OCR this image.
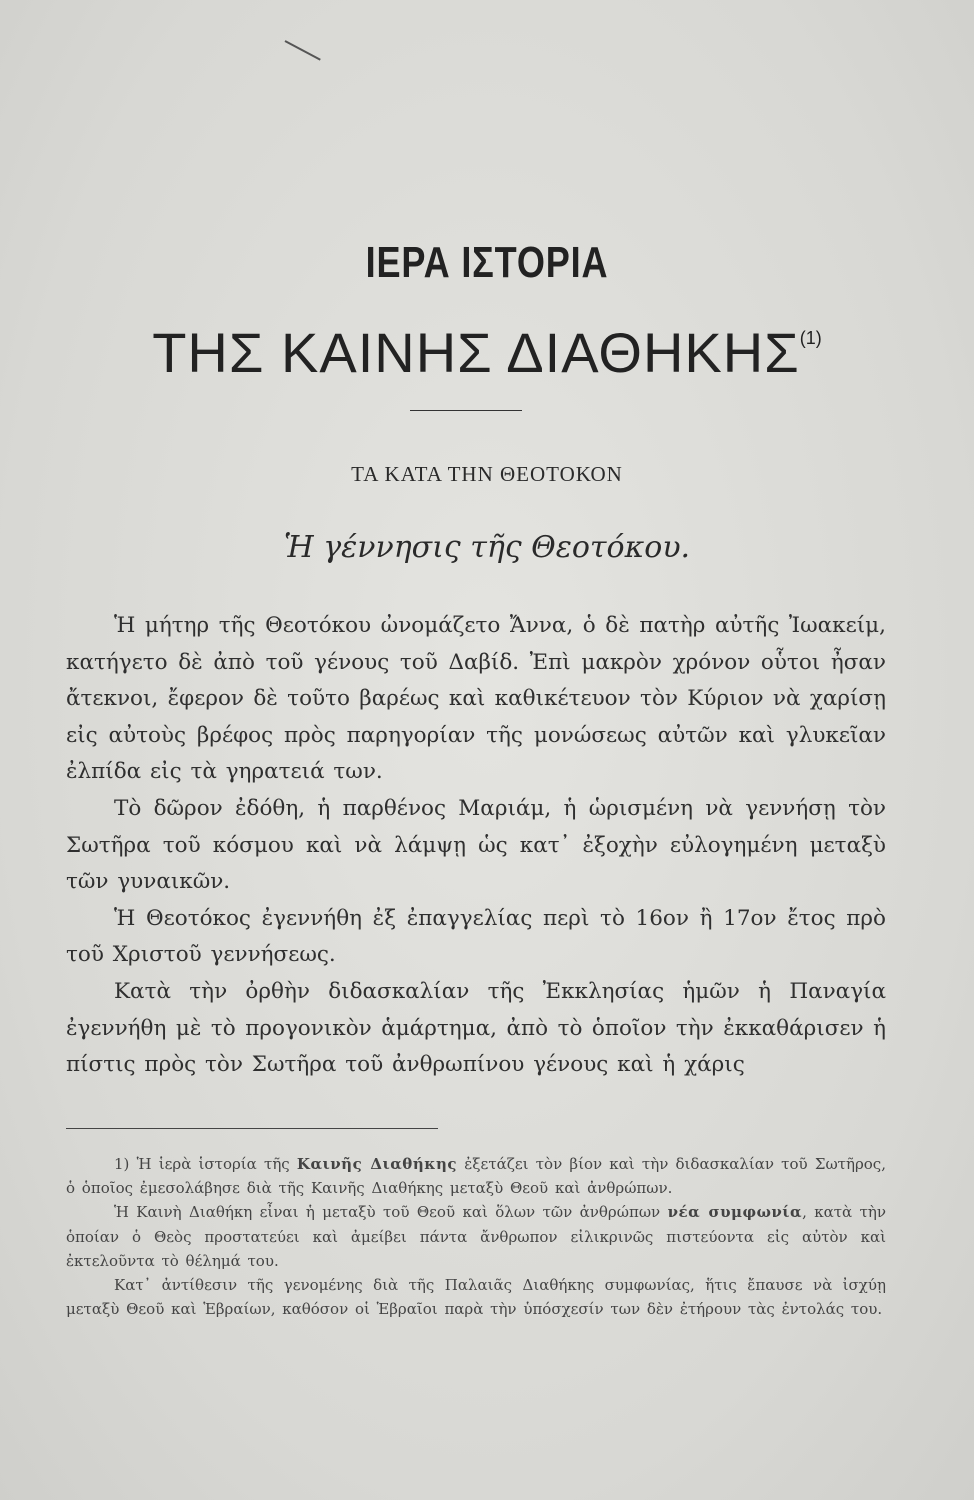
ΙΕΡΑ ΙΣΤΟΡΙΑ
ΤΗΣ ΚΑΙΝΗΣ ΔΙΑΘΗΚΗΣ$^{(1)}$
ΤΑ ΚΑΤΑ ΤΗΝ ΘΕΟΤΟΚΟΝ
Ἡ γέννησις τῆς Θεοτόκου.

Ἡ μήτηρ τῆς Θεοτόκου ὠνομάζετο Ἄννα, ὁ δὲ πατὴρ αὐτῆς Ἰωακείμ, κατήγετο δὲ ἀπὸ τοῦ γένους τοῦ Δαβίδ. Ἐπὶ μακρὸν χρόνον οὗτοι ἦσαν ἄτεκνοι, ἔφερον δὲ τοῦτο βαρέως καὶ καθικέτευον τὸν Κύριον νὰ χαρίσῃ εἰς αὐτοὺς βρέφος πρὸς παρηγορίαν τῆς μονώσεως αὐτῶν καὶ γλυκεῖαν ἐλπίδα εἰς τὰ γηρατειά των.

Τὸ δῶρον ἐδόθη, ἡ παρθένος Μαριάμ, ἡ ὡρισμένη νὰ γεννήσῃ τὸν Σωτῆρα τοῦ κόσμου καὶ νὰ λάμψῃ ὡς κατ᾿ ἐξοχὴν εὐλογημένη μεταξὺ τῶν γυναικῶν.

Ἡ Θεοτόκος ἐγεννήθη ἐξ ἐπαγγελίας περὶ τὸ 16ον ἢ 17ον ἔτος πρὸ τοῦ Χριστοῦ γεννήσεως.

Κατὰ τὴν ὀρθὴν διδασκαλίαν τῆς Ἐκκλησίας ἡμῶν ἡ Παναγία ἐγεννήθη μὲ τὸ προγονικὸν ἁμάρτημα, ἀπὸ τὸ ὁποῖον τὴν ἐκκαθάρισεν ἡ πίστις πρὸς τὸν Σωτῆρα τοῦ ἀνθρωπίνου γένους καὶ ἡ χάρις

1) Ἡ ἱερὰ ἱστορία τῆς Καινῆς Διαθήκης ἐξετάζει τὸν βίον καὶ τὴν διδασκαλίαν τοῦ Σωτῆρος, ὁ ὁποῖος ἐμεσολάβησε διὰ τῆς Καινῆς Διαθήκης μεταξὺ Θεοῦ καὶ ἀνθρώπων.

Ἡ Καινὴ Διαθήκη εἶναι ἡ μεταξὺ τοῦ Θεοῦ καὶ ὅλων τῶν ἀνθρώπων νέα συμφωνία, κατὰ τὴν ὁποίαν ὁ Θεὸς προστατεύει καὶ ἀμείβει πάντα ἄνθρωπον εἰλικρινῶς πιστεύοντα εἰς αὐτὸν καὶ ἐκτελοῦντα τὸ θέλημά του.

Κατ᾿ ἀντίθεσιν τῆς γενομένης διὰ τῆς Παλαιᾶς Διαθήκης συμφωνίας, ἥτις ἔπαυσε νὰ ἰσχύῃ μεταξὺ Θεοῦ καὶ Ἑβραίων, καθόσον οἱ Ἑβραῖοι παρὰ τὴν ὑπόσχεσίν των δὲν ἐτήρουν τὰς ἐντολάς του.
